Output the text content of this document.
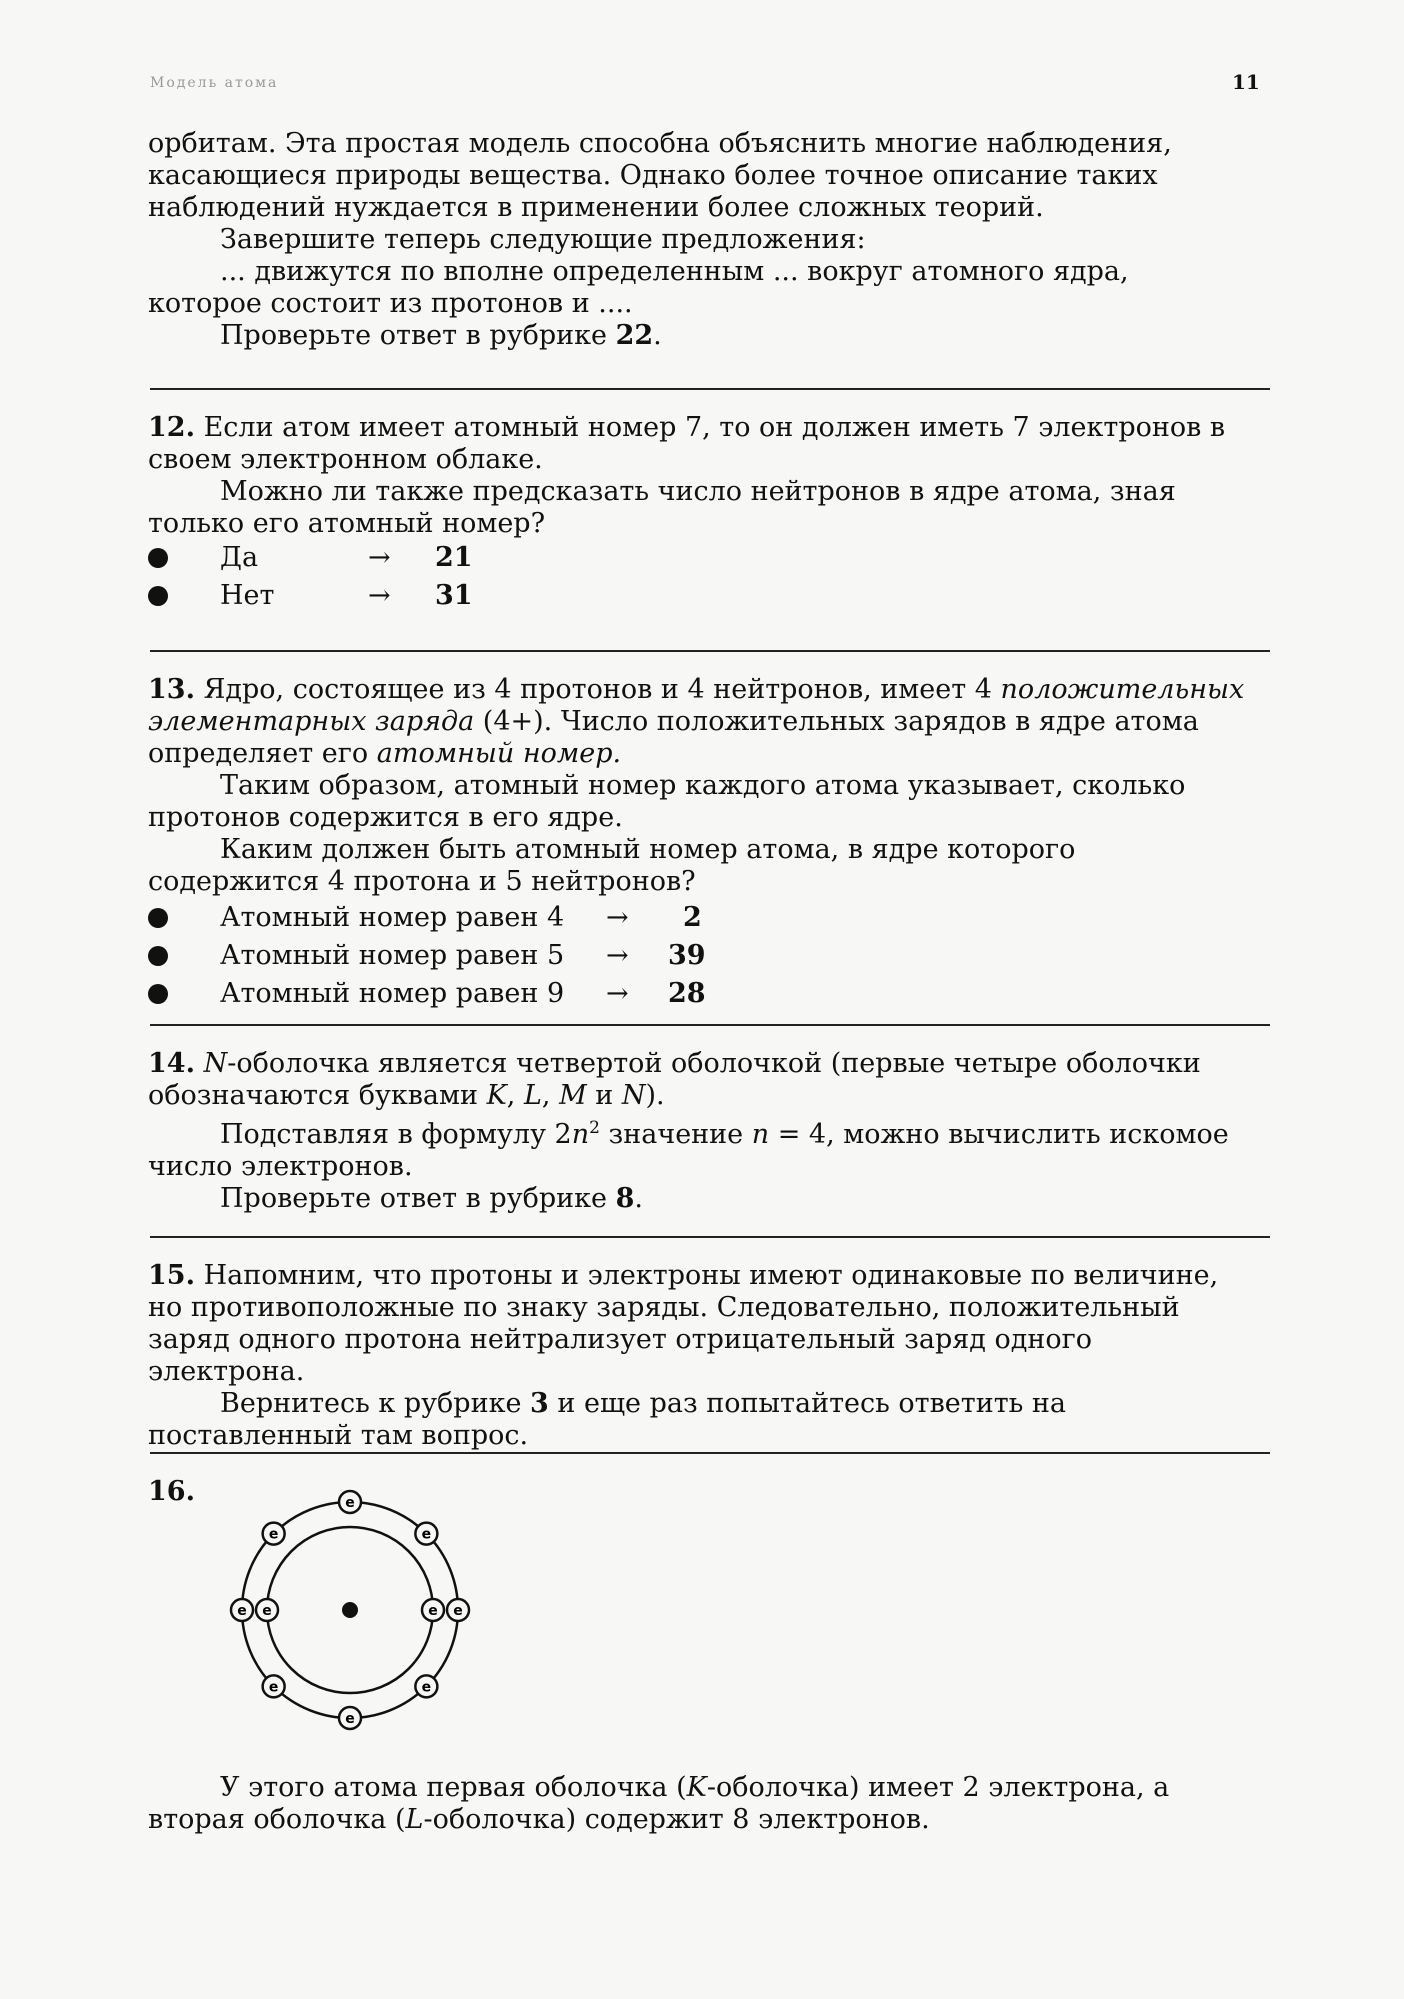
Модель атома	11

орбитам. Эта простая модель способна объяснить многие наблюдения, касающиеся природы вещества. Однако более точное описание таких наблюдений нуждается в применении более сложных теорий.

Завершите теперь следующие предложения:

... движутся по вполне определенным ... вокруг атомного ядра, которое состоит из протонов и ....

Проверьте ответ в рубрике 22.

12. Если атом имеет атомный номер 7, то он должен иметь 7 электронов в своем электронном облаке.

Можно ли также предсказать число нейтронов в ядре атома, зная только его атомный номер?

Да	→ 21
Нет	→ 31

13. Ядро, состоящее из 4 протонов и 4 нейтронов, имеет 4 положительных элементарных заряда (4+). Число положительных зарядов в ядре атома определяет его атомный номер.

Таким образом, атомный номер каждого атома указывает, сколько протонов содержится в его ядре.

Каким должен быть атомный номер атома, в ядре которого содержится 4 протона и 5 нейтронов?

Атомный номер равен 4 → 2
Атомный номер равен 5 → 39
Атомный номер равен 9 → 28

14. N-оболочка является четвертой оболочкой (первые четыре оболочки обозначаются буквами K, L, M и N).

Подставляя в формулу $2n^2$ значение n = 4, можно вычислить искомое число электронов.

Проверьте ответ в рубрике 8.

15. Напомним, что протоны и электроны имеют одинаковые по величине, но противоположные по знаку заряды. Следовательно, положительный заряд одного протона нейтрализует отрицательный заряд одного электрона.

Вернитесь к рубрике 3 и еще раз попытайтесь ответить на поставленный там вопрос.

16.

e	e
e
e	e
e	e
e	e
e

У этого атома первая оболочка (K-оболочка) имеет 2 электрона, а вторая оболочка (L-оболочка) содержит 8 электронов.
